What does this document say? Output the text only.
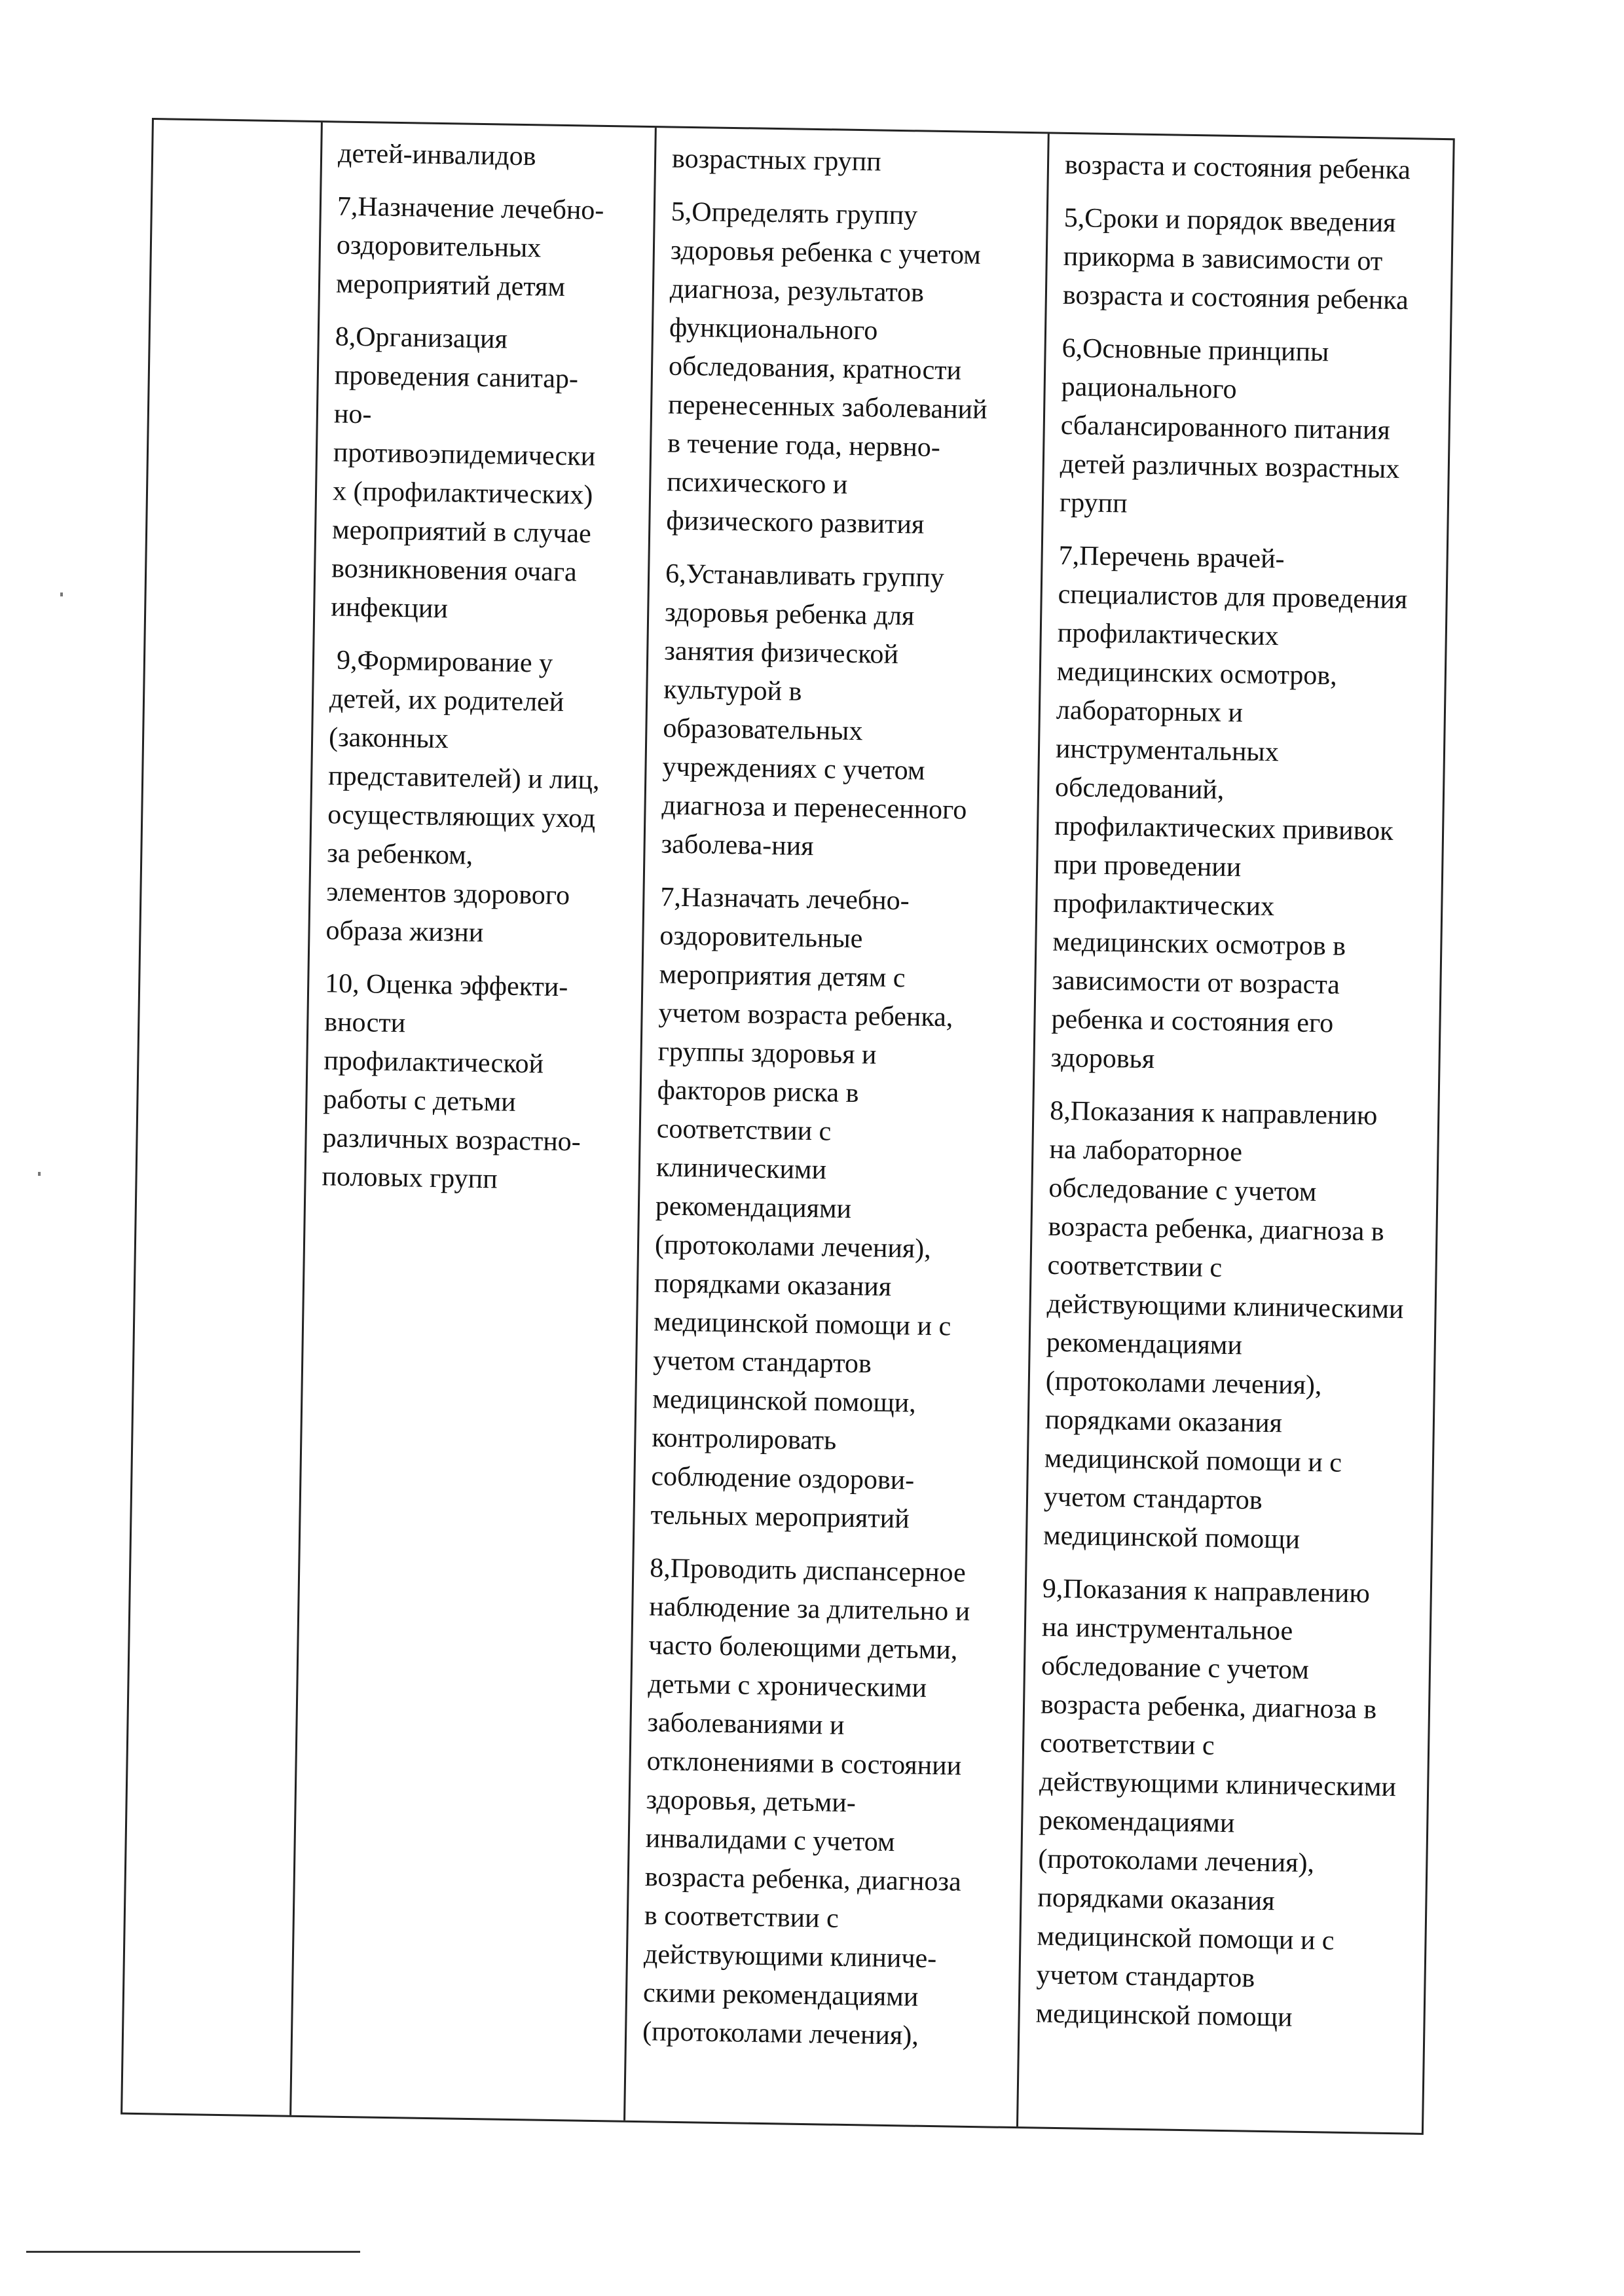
детей-инвалидов
7,Назначение лечебно-
оздоровительных
мероприятий детям
8,Организация
проведения санитар-
но-
противоэпидемически
х (профилактических)
мероприятий в случае
возникновения очага
инфекции
9,Формирование у
детей, их родителей
(законных
представителей) и лиц,
осуществляющих уход
за ребенком,
элементов здорового
образа жизни
10, Оценка эффекти-
вности
профилактической
работы с детьми
различных возрастно-
половых групп
возрастных групп
5,Определять группу
здоровья ребенка с учетом
диагноза, результатов
функционального
обследования, кратности
перенесенных заболеваний
в течение года, нервно-
психического и
физического развития
6,Устанавливать группу
здоровья ребенка для
занятия физической
культурой в
образовательных
учреждениях с учетом
диагноза и перенесенного
заболева-ния
7,Назначать лечебно-
оздоровительные
мероприятия детям с
учетом возраста ребенка,
группы здоровья и
факторов риска в
соответствии с
клиническими
рекомендациями
(протоколами лечения),
порядками оказания
медицинской помощи и с
учетом стандартов
медицинской помощи,
контролировать
соблюдение оздорови-
тельных мероприятий
8,Проводить диспансерное
наблюдение за длительно и
часто болеющими детьми,
детьми с хроническими
заболеваниями и
отклонениями в состоянии
здоровья, детьми-
инвалидами с учетом
возраста ребенка, диагноза
в соответствии с
действующими клиниче-
скими рекомендациями
(протоколами лечения),
возраста и состояния ребенка
5,Сроки и порядок введения
прикорма в зависимости от
возраста и состояния ребенка
6,Основные принципы
рационального
сбалансированного питания
детей различных возрастных
групп
7,Перечень врачей-
специалистов для проведения
профилактических
медицинских осмотров,
лабораторных и
инструментальных
обследований,
профилактических прививок
при проведении
профилактических
медицинских осмотров в
зависимости от возраста
ребенка и состояния его
здоровья
8,Показания к направлению
на лабораторное
обследование с учетом
возраста ребенка, диагноза в
соответствии с
действующими клиническими
рекомендациями
(протоколами лечения),
порядками оказания
медицинской помощи и с
учетом стандартов
медицинской помощи
9,Показания к направлению
на инструментальное
обследование с учетом
возраста ребенка, диагноза в
соответствии с
действующими клиническими
рекомендациями
(протоколами лечения),
порядками оказания
медицинской помощи и с
учетом стандартов
медицинской помощи
